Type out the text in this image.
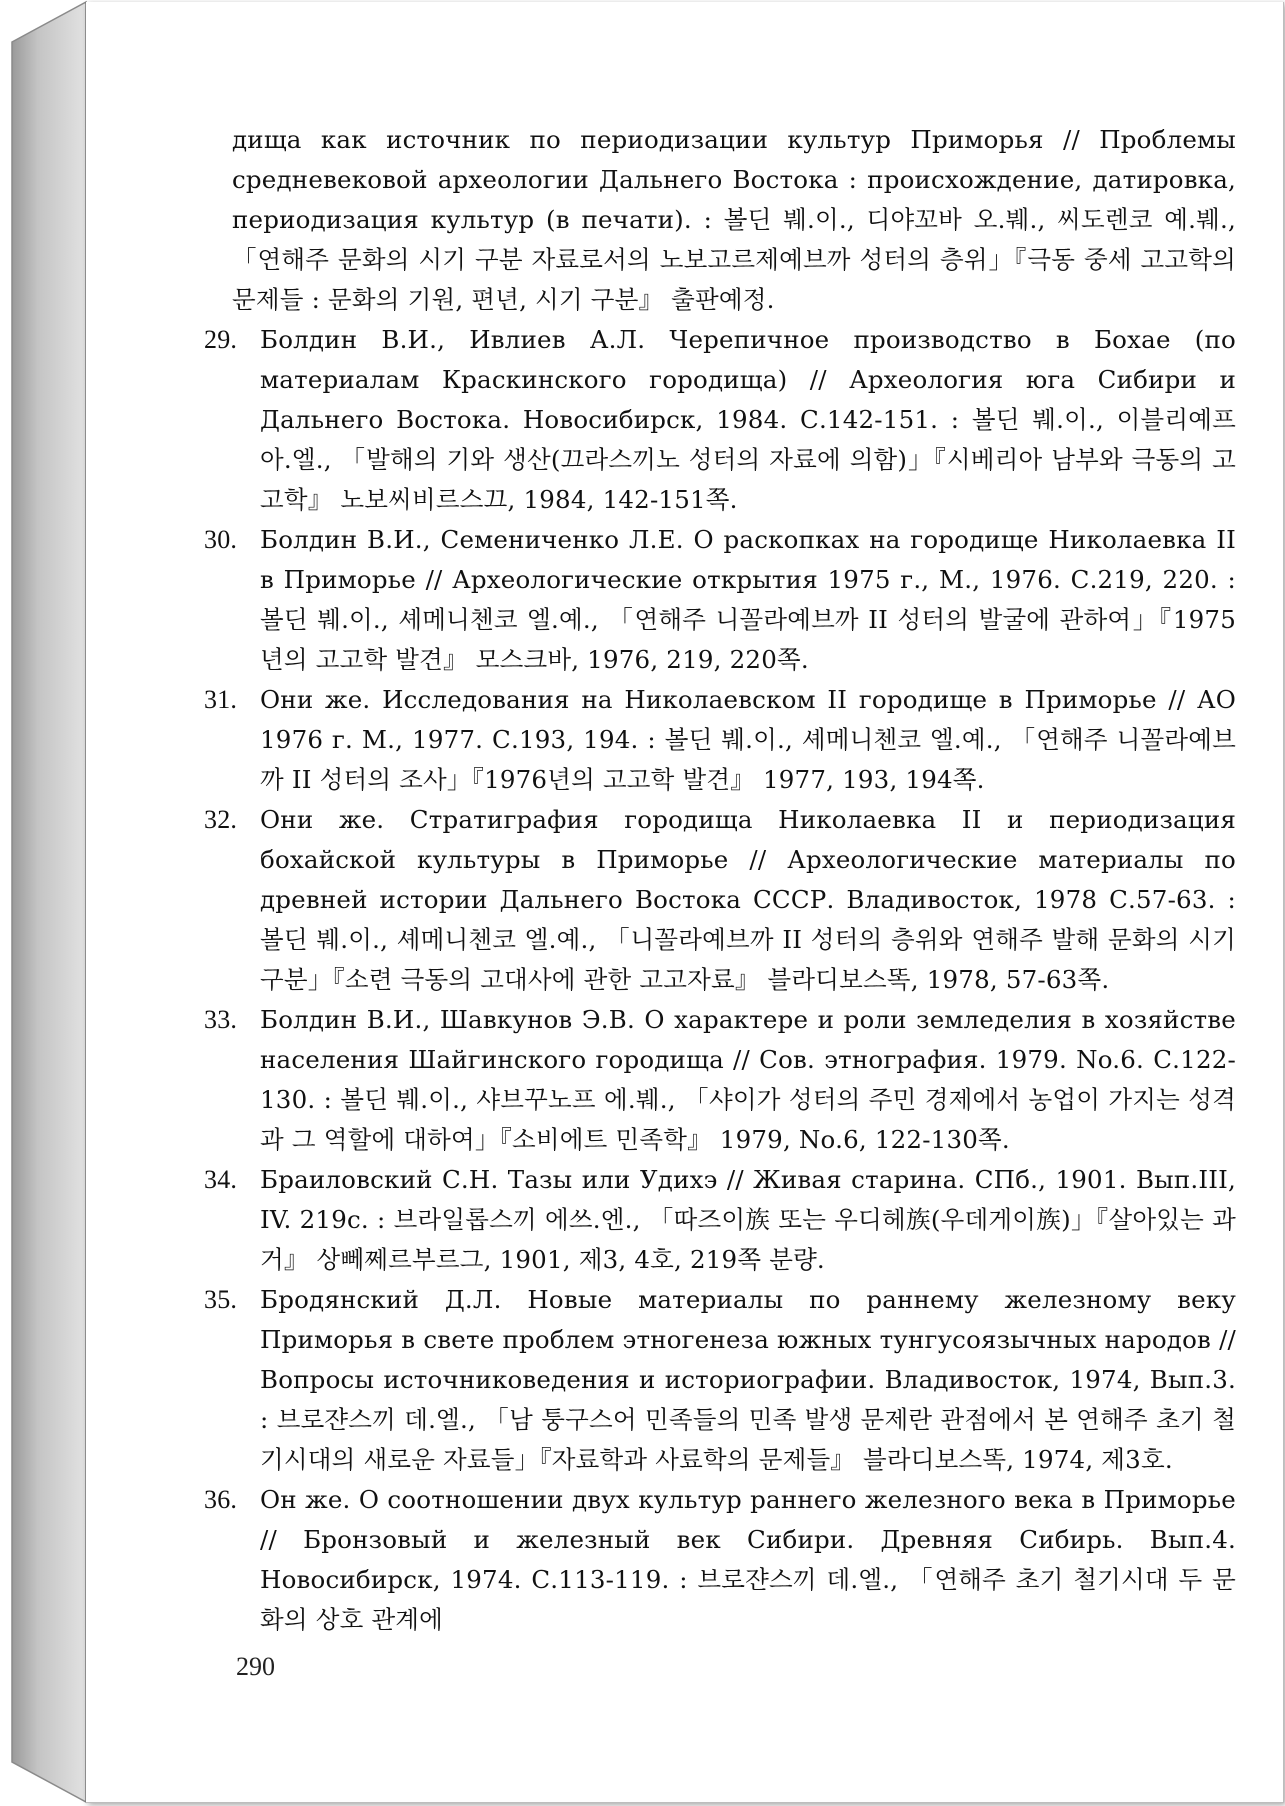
дища как источник по периодизации культур Приморья // Проблемы средневековой археологии Дальнего Востока : происхождение, датировка, периодизация культур (в печати). : 볼딘 붸.이., 디야꼬바 오.붸., 씨도렌코 예.붸., 「연해주 문화의 시기 구분 자료로서의 노보고르제예브까 성터의 층위」『극동 중세 고고학의 문제들 : 문화의 기원, 편년, 시기 구분』 출판예정.
29. Болдин В.И., Ивлиев А.Л. Черепичное производство в Бохае (по материалам Краскинского городища) // Археология юга Сибири и Дальнего Востока. Новосибирск, 1984. С.142-151. : 볼딘 붸.이., 이블리예프 아.엘., 「발해의 기와 생산(끄라스끼노 성터의 자료에 의함)」『시베리아 남부와 극동의 고고학』 노보씨비르스끄, 1984, 142-151쪽.
30. Болдин В.И., Семениченко Л.Е. О раскопках на городище Николаевка II в Приморье // Археологические открытия 1975 г., М., 1976. С.219, 220. : 볼딘 붸.이., 셰메니첸코 엘.예., 「연해주 니꼴라예브까 II 성터의 발굴에 관하여」『1975년의 고고학 발견』 모스크바, 1976, 219, 220쪽.
31. Они же. Исследования на Николаевском II городище в Приморье // АО 1976 г. М., 1977. С.193, 194. : 볼딘 붸.이., 셰메니첸코 엘.예., 「연해주 니꼴라예브까 II 성터의 조사」『1976년의 고고학 발견』 1977, 193, 194쪽.
32. Они же. Стратиграфия городища Николаевка II и периодизация бохайской культуры в Приморье // Археологические материалы по древней истории Дальнего Востока СССР. Владивосток, 1978 С.57-63. : 볼딘 붸.이., 셰메니첸코 엘.예., 「니꼴라예브까 II 성터의 층위와 연해주 발해 문화의 시기 구분」『소련 극동의 고대사에 관한 고고자료』 블라디보스똑, 1978, 57-63쪽.
33. Болдин В.И., Шавкунов Э.В. О характере и роли земледелия в хозяйстве населения Шайгинского городища // Сов. этнография. 1979. No.6. С.122-130. : 볼딘 붸.이., 샤브꾸노프 에.붸., 「샤이가 성터의 주민 경제에서 농업이 가지는 성격과 그 역할에 대하여」『소비에트 민족학』 1979, No.6, 122-130쪽.
34. Браиловский С.Н. Тазы или Удихэ // Живая старина. СПб., 1901. Вып.III, IV. 219с. : 브라일롭스끼 에쓰.엔., 「따즈이族 또는 우디헤族(우데게이族)」『살아있는 과거』 상뻬쩨르부르그, 1901, 제3, 4호, 219쪽 분량.
35. Бродянский Д.Л. Новые материалы по раннему железному веку Приморья в свете проблем этногенеза южных тунгусоязычных народов // Вопросы источниковедения и историографии. Владивосток, 1974, Вып.3. : 브로쟌스끼 데.엘., 「남 퉁구스어 민족들의 민족 발생 문제란 관점에서 본 연해주 초기 철기시대의 새로운 자료들」『자료학과 사료학의 문제들』 블라디보스똑, 1974, 제3호.
36. Он же. О соотношении двух культур раннего железного века в Приморье // Бронзовый и железный век Сибири. Древняя Сибирь. Вып.4. Новосибирск, 1974. С.113-119. : 브로쟌스끼 데.엘., 「연해주 초기 철기시대 두 문화의 상호 관계에
290
